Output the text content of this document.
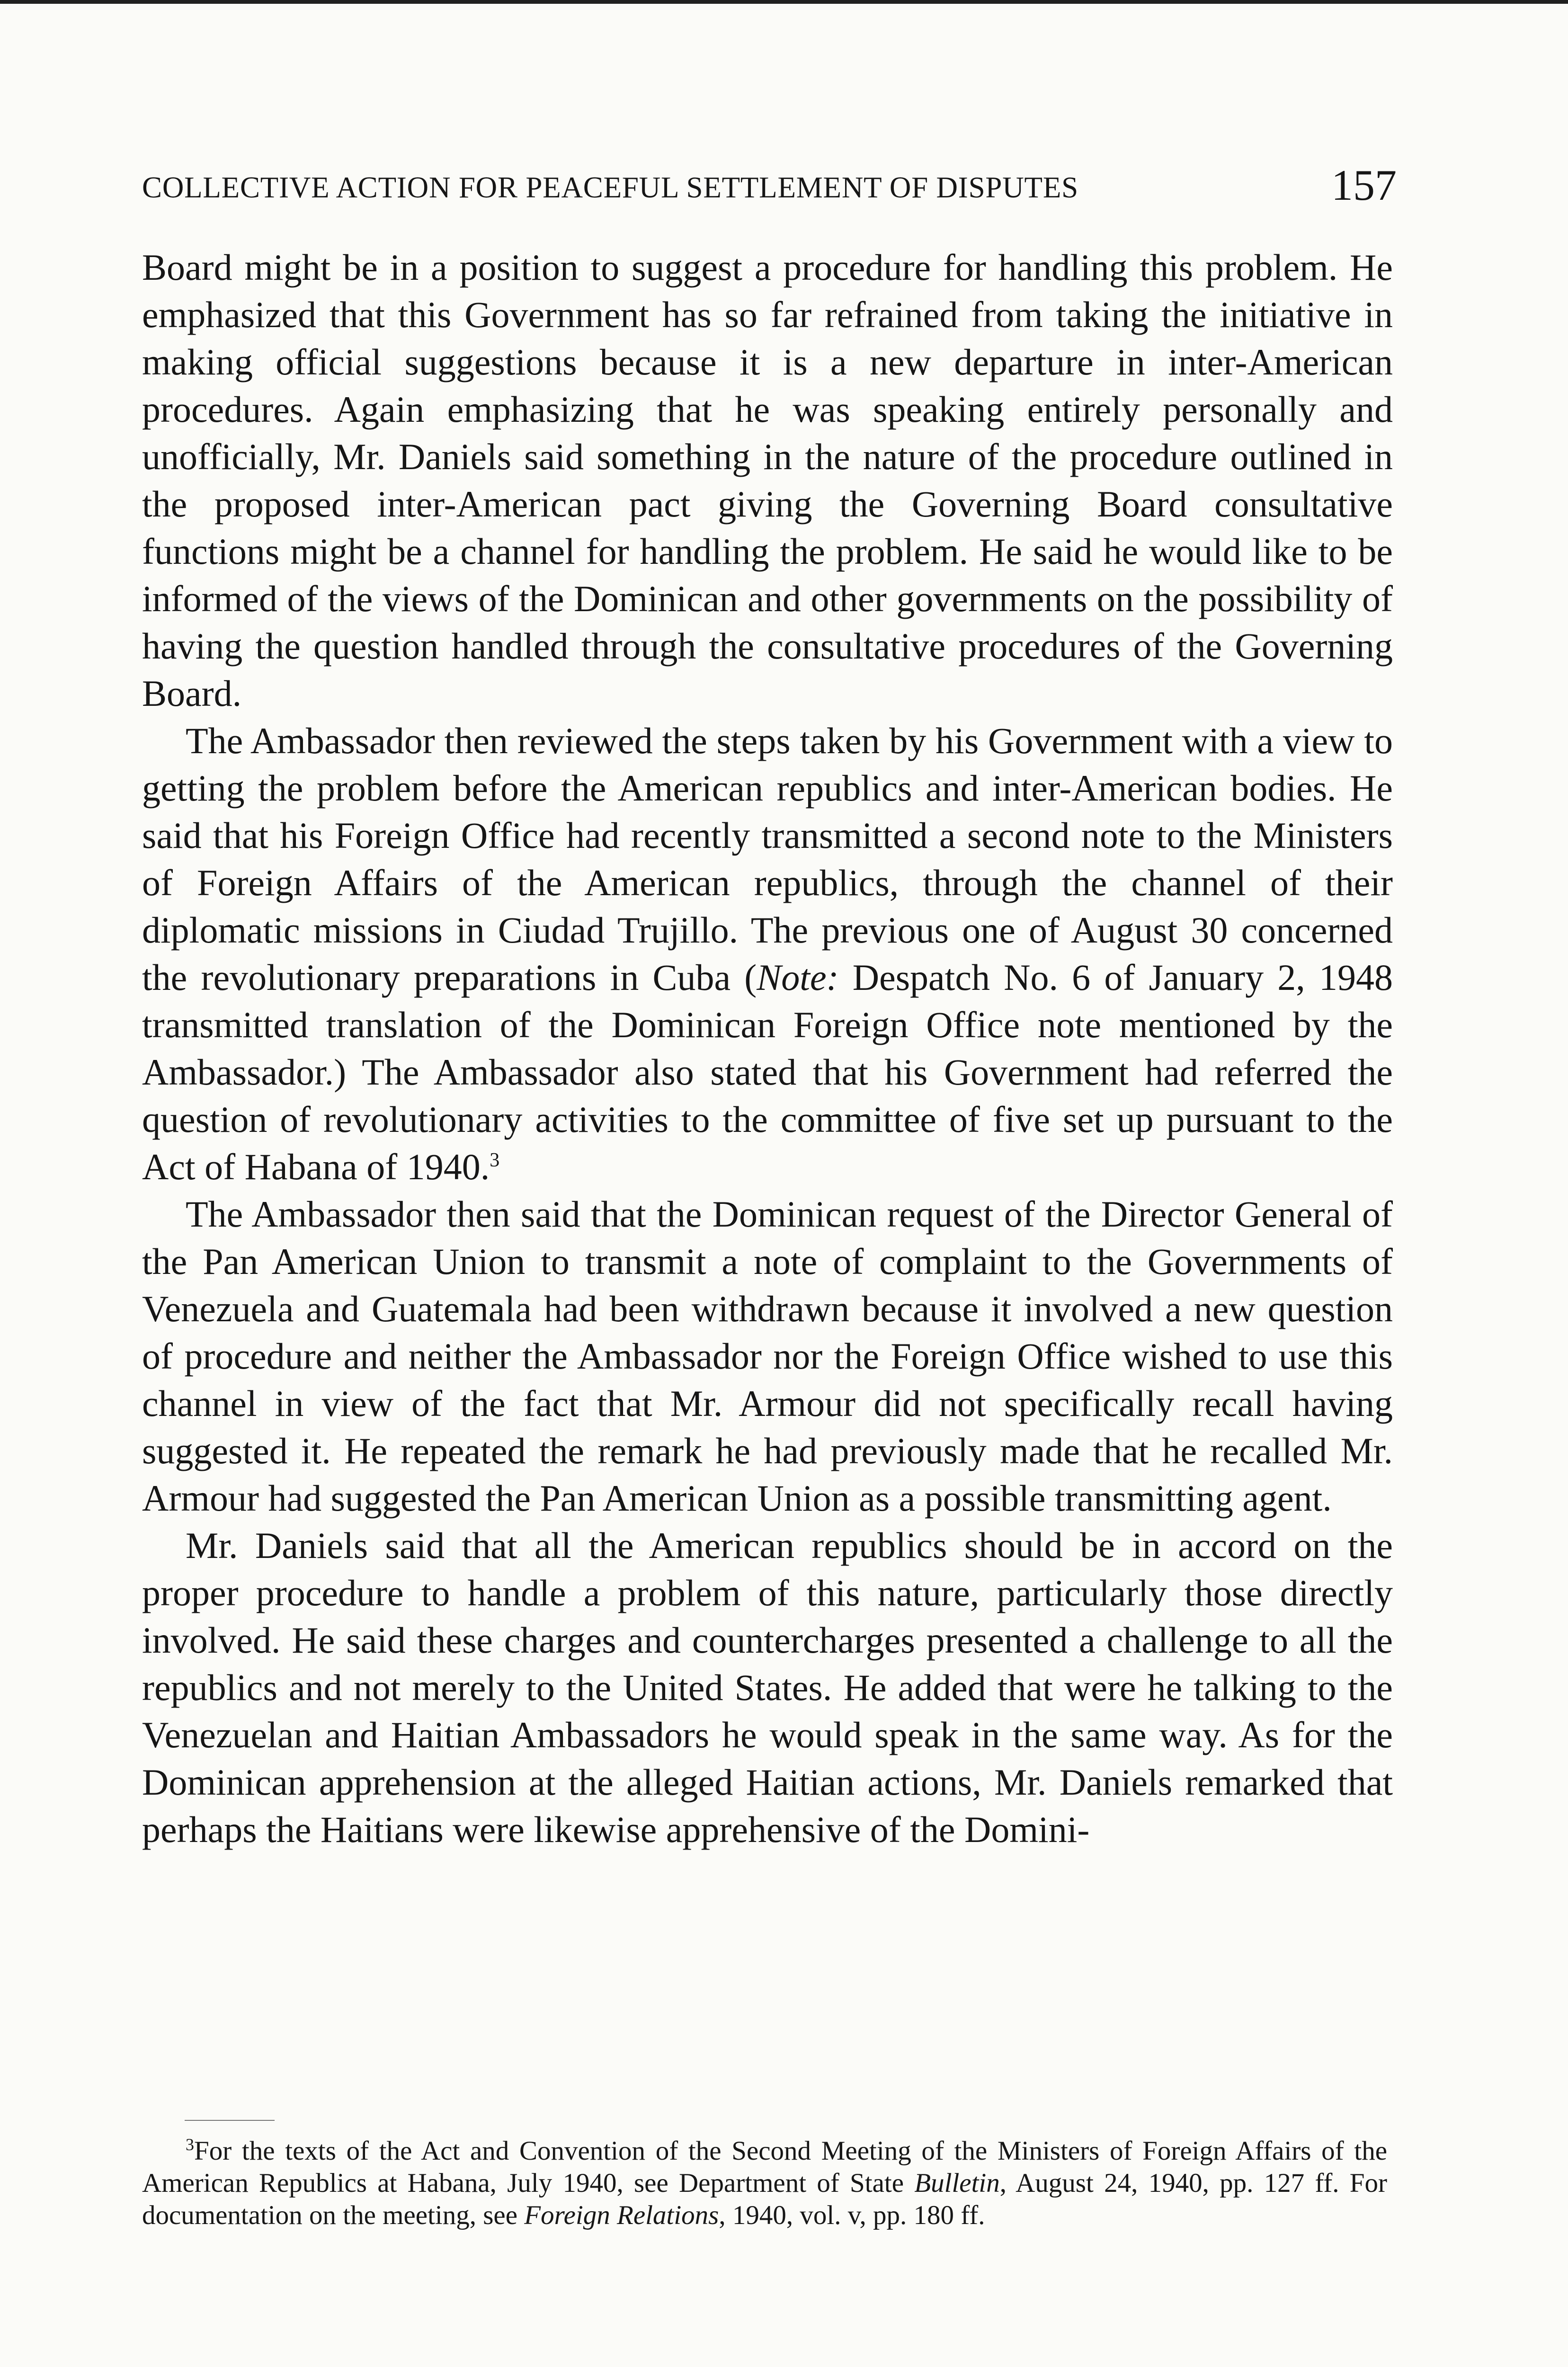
COLLECTIVE ACTION FOR PEACEFUL SETTLEMENT OF DISPUTES	157

Board might be in a position to suggest a procedure for handling this problem. He emphasized that this Government has so far refrained from taking the initiative in making official suggestions because it is a new departure in inter-American procedures. Again emphasizing that he was speaking entirely personally and unofficially, Mr. Daniels said something in the nature of the procedure outlined in the proposed inter-American pact giving the Governing Board consultative functions might be a channel for handling the problem. He said he would like to be informed of the views of the Dominican and other governments on the possibility of having the question handled through the consultative procedures of the Governing Board.

The Ambassador then reviewed the steps taken by his Government with a view to getting the problem before the American republics and inter-American bodies. He said that his Foreign Office had recently transmitted a second note to the Ministers of Foreign Affairs of the American republics, through the channel of their diplomatic missions in Ciudad Trujillo. The previous one of August 30 concerned the revolutionary preparations in Cuba (Note: Despatch No. 6 of January 2, 1948 transmitted translation of the Dominican Foreign Office note mentioned by the Ambassador.) The Ambassador also stated that his Government had referred the question of revolutionary activities to the committee of five set up pursuant to the Act of Habana of 1940.$^3$

The Ambassador then said that the Dominican request of the Director General of the Pan American Union to transmit a note of complaint to the Governments of Venezuela and Guatemala had been withdrawn because it involved a new question of procedure and neither the Ambassador nor the Foreign Office wished to use this channel in view of the fact that Mr. Armour did not specifically recall having suggested it. He repeated the remark he had previously made that he recalled Mr. Armour had suggested the Pan American Union as a possible transmitting agent.

Mr. Daniels said that all the American republics should be in accord on the proper procedure to handle a problem of this nature, particularly those directly involved. He said these charges and countercharges presented a challenge to all the republics and not merely to the United States. He added that were he talking to the Venezuelan and Haitian Ambassadors he would speak in the same way. As for the Dominican apprehension at the alleged Haitian actions, Mr. Daniels remarked that perhaps the Haitians were likewise apprehensive of the Domini-

$^3$For the texts of the Act and Convention of the Second Meeting of the Ministers of Foreign Affairs of the American Republics at Habana, July 1940, see Department of State Bulletin, August 24, 1940, pp. 127 ff. For documentation on the meeting, see Foreign Relations, 1940, vol. v, pp. 180 ff.
